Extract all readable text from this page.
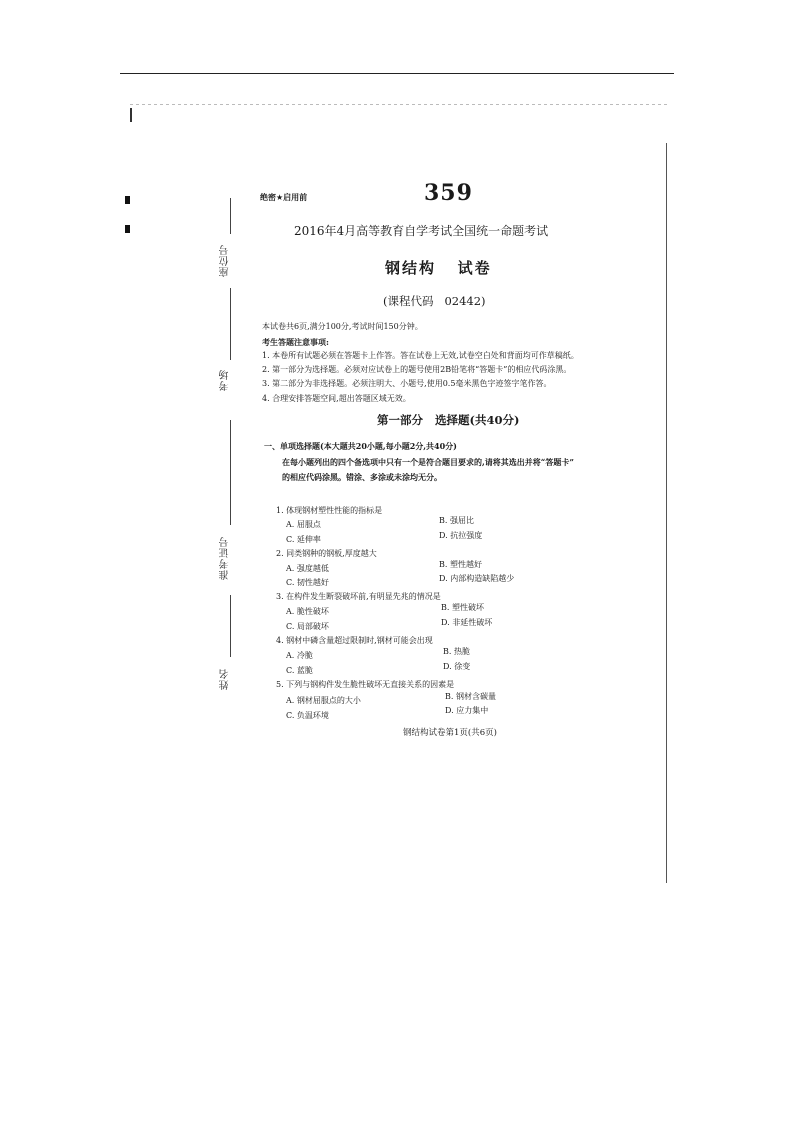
座位号
考场
准考证号
姓名
绝密★启用前	359
2016年4月高等教育自学考试全国统一命题考试
钢结构   试卷
(课程代码   02442)
本试卷共6页,满分100分,考试时间150分钟。
考生答题注意事项:
1. 本卷所有试题必须在答题卡上作答。答在试卷上无效,试卷空白处和背面均可作草稿纸。
2. 第一部分为选择题。必须对应试卷上的题号使用2B铅笔将“答题卡”的相应代码涂黑。
3. 第二部分为非选择题。必须注明大、小题号,使用0.5毫米黑色字迹签字笔作答。
4. 合理安排答题空间,超出答题区域无效。
第一部分   选择题(共40分)
一、单项选择题(本大题共20小题,每小题2分,共40分)
在每小题列出的四个备选项中只有一个是符合题目要求的,请将其选出并将“答题卡”
的相应代码涂黑。错涂、多涂或未涂均无分。
1. 体现钢材塑性性能的指标是
A. 屈服点	B. 强屈比
C. 延伸率	D. 抗拉强度
2. 同类钢种的钢板,厚度越大
A. 强度越低	B. 塑性越好
C. 韧性越好	D. 内部构造缺陷越少
3. 在构件发生断裂破坏前,有明显先兆的情况是
A. 脆性破坏	B. 塑性破坏
C. 局部破坏	D. 非延性破坏
4. 钢材中磷含量超过限制时,钢材可能会出现
A. 冷脆	B. 热脆
C. 蓝脆	D. 徐变
5. 下列与钢构件发生脆性破坏无直接关系的因素是
A. 钢材屈服点的大小	B. 钢材含碳量
C. 负温环境
D. 应力集中
钢结构试卷第1页(共6页)
